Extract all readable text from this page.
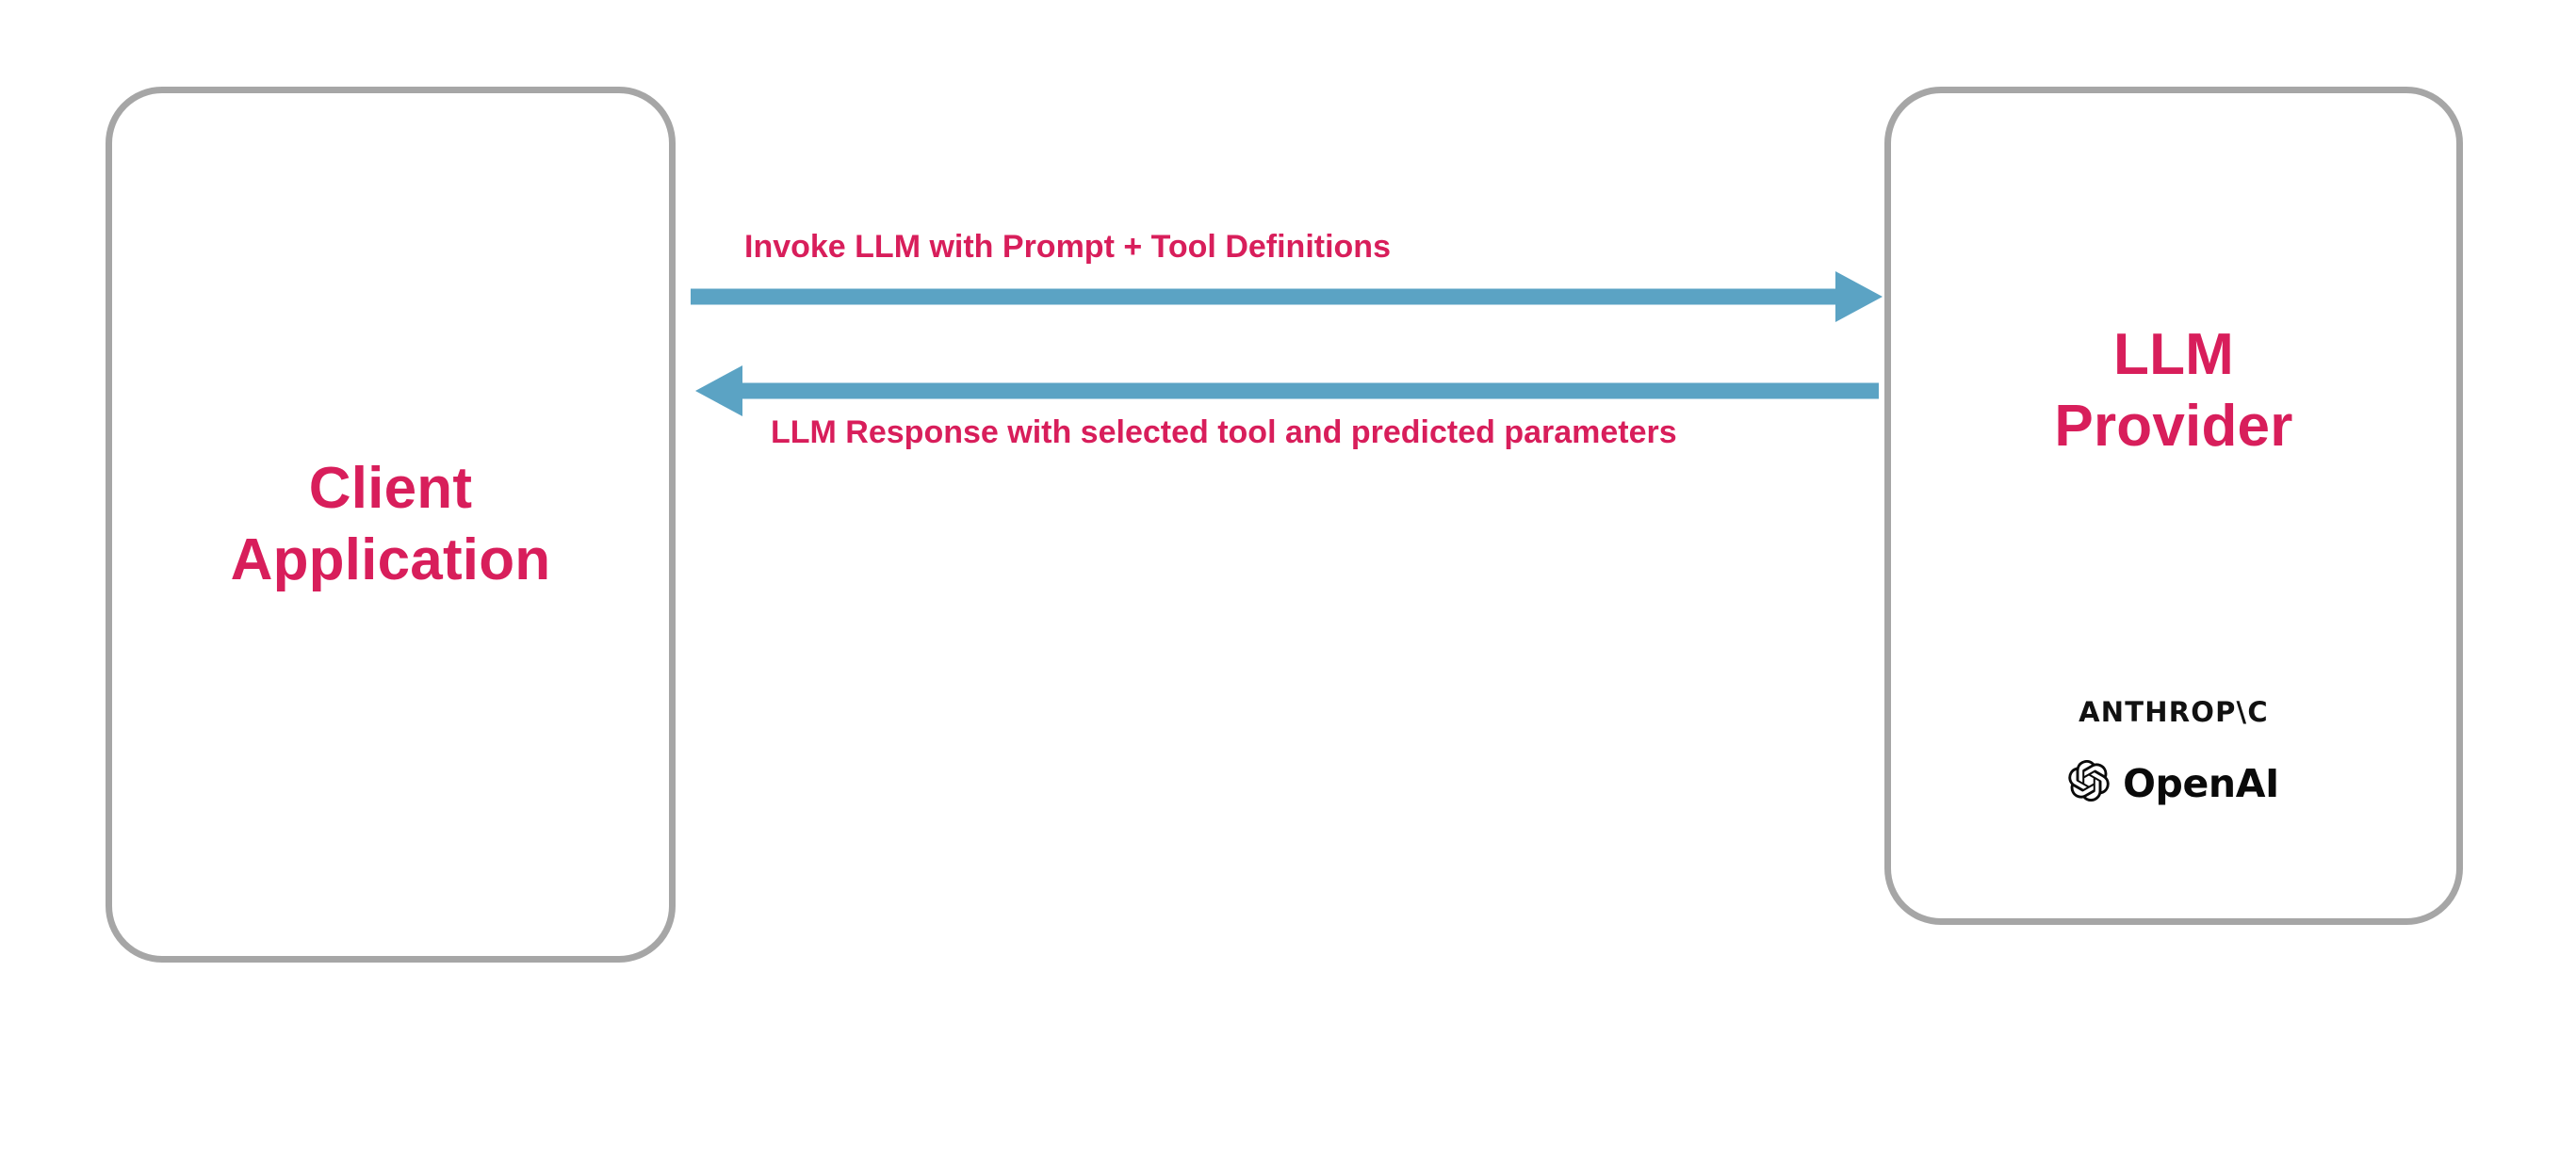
Client
Application
LLM
Provider
ANTHROP\C
OpenAI
Invoke LLM with Prompt + Tool Definitions
LLM Response with selected tool and predicted parameters
